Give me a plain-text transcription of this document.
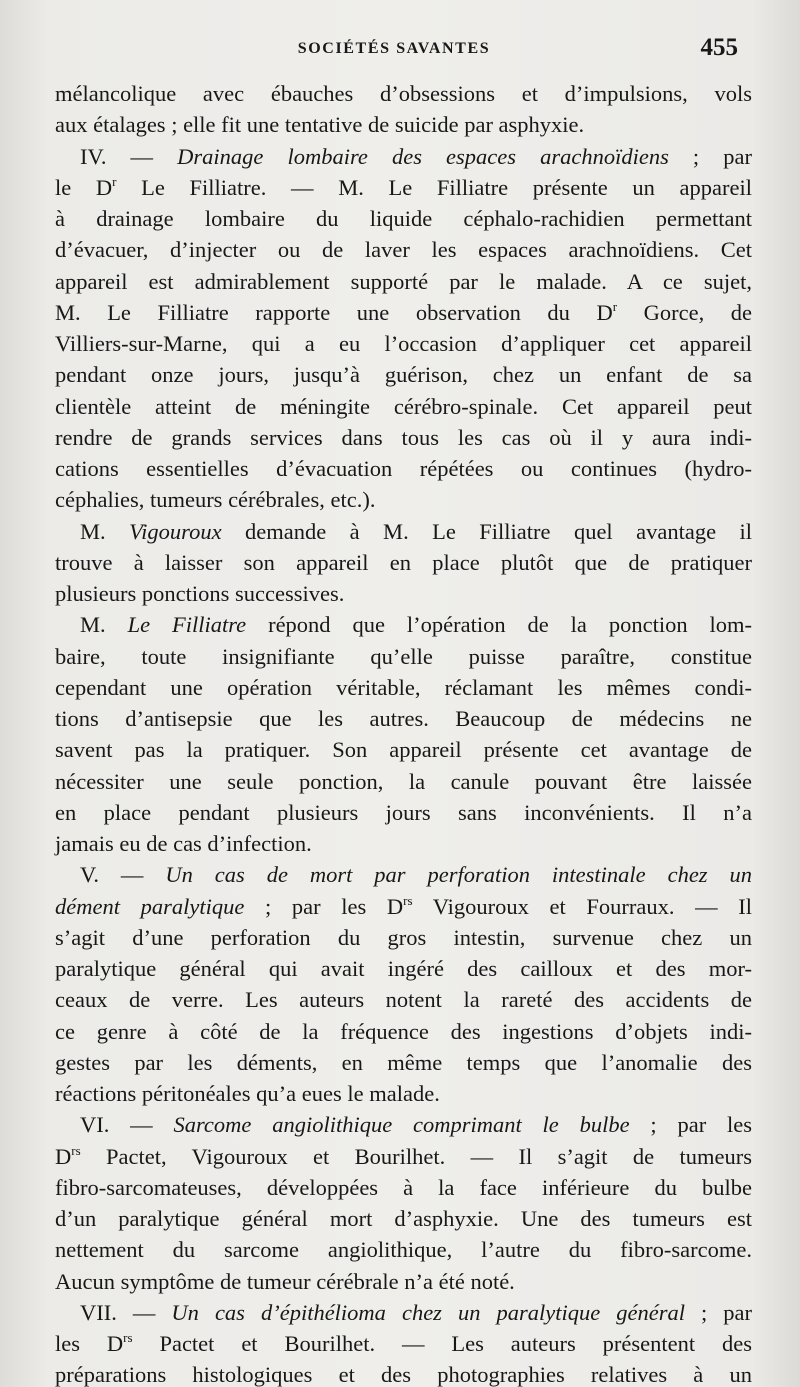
SOCIÉTÉS SAVANTES	455
mélancolique avec ébauches d’obsessions et d’impulsions, vols
aux étalages ; elle fit une tentative de suicide par asphyxie.
IV. — Drainage lombaire des espaces arachnoïdiens ; par
le $D^r$ Le Filliatre. — M. Le Filliatre présente un appareil
à drainage lombaire du liquide céphalo-rachidien permettant
d’évacuer, d’injecter ou de laver les espaces arachnoïdiens. Cet
appareil est admirablement supporté par le malade. A ce sujet,
M. Le Filliatre rapporte une observation du $D^r$ Gorce, de
Villiers-sur-Marne, qui a eu l’occasion d’appliquer cet appareil
pendant onze jours, jusqu’à guérison, chez un enfant de sa
clientèle atteint de méningite cérébro-spinale. Cet appareil peut
rendre de grands services dans tous les cas où il y aura indi-
cations essentielles d’évacuation répétées ou continues (hydro-
céphalies, tumeurs cérébrales, etc.).
M. Vigouroux demande à M. Le Filliatre quel avantage il
trouve à laisser son appareil en place plutôt que de pratiquer
plusieurs ponctions successives.
M. Le Filliatre répond que l’opération de la ponction lom-
baire, toute insignifiante qu’elle puisse paraître, constitue
cependant une opération véritable, réclamant les mêmes condi-
tions d’antisepsie que les autres. Beaucoup de médecins ne
savent pas la pratiquer. Son appareil présente cet avantage de
nécessiter une seule ponction, la canule pouvant être laissée
en place pendant plusieurs jours sans inconvénients. Il n’a
jamais eu de cas d’infection.
V. — Un cas de mort par perforation intestinale chez un
dément paralytique ; par les $D^{rs}$ Vigouroux et Fourraux. — Il
s’agit d’une perforation du gros intestin, survenue chez un
paralytique général qui avait ingéré des cailloux et des mor-
ceaux de verre. Les auteurs notent la rareté des accidents de
ce genre à côté de la fréquence des ingestions d’objets indi-
gestes par les déments, en même temps que l’anomalie des
réactions péritonéales qu’a eues le malade.
VI. — Sarcome angiolithique comprimant le bulbe ; par les
$D^{rs}$ Pactet, Vigouroux et Bourilhet. — Il s’agit de tumeurs
fibro-sarcomateuses, développées à la face inférieure du bulbe
d’un paralytique général mort d’asphyxie. Une des tumeurs est
nettement du sarcome angiolithique, l’autre du fibro-sarcome.
Aucun symptôme de tumeur cérébrale n’a été noté.
VII. — Un cas d’épithélioma chez un paralytique général ; par
les $D^{rs}$ Pactet et Bourilhet. — Les auteurs présentent des
préparations histologiques et des photographies relatives à un
